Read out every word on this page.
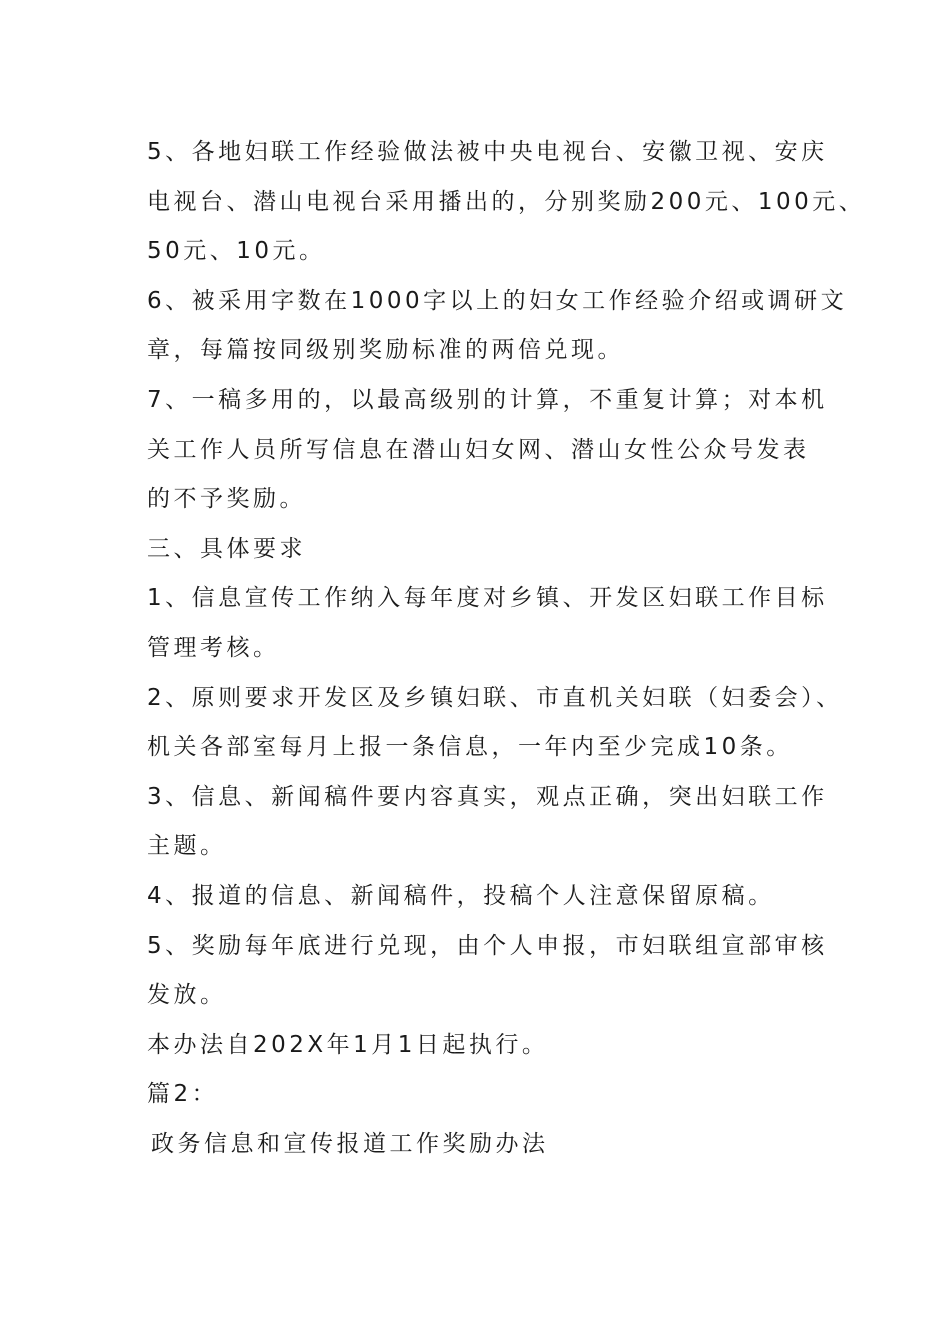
5、各地妇联工作经验做法被中央电视台、安徽卫视、安庆
电视台、潜山电视台采用播出的，分别奖励200元、100元、
50元、10元。
6、被采用字数在1000字以上的妇女工作经验介绍或调研文
章，每篇按同级别奖励标准的两倍兑现。
7、一稿多用的，以最高级别的计算，不重复计算；对本机
关工作人员所写信息在潜山妇女网、潜山女性公众号发表
的不予奖励。
三、具体要求
1、信息宣传工作纳入每年度对乡镇、开发区妇联工作目标
管理考核。
2、原则要求开发区及乡镇妇联、市直机关妇联（妇委会）、
机关各部室每月上报一条信息，一年内至少完成10条。
3、信息、新闻稿件要内容真实，观点正确，突出妇联工作
主题。
4、报道的信息、新闻稿件，投稿个人注意保留原稿。
5、奖励每年底进行兑现，由个人申报，市妇联组宣部审核
发放。
本办法自202X年1月1日起执行。
篇2：
政务信息和宣传报道工作奖励办法
